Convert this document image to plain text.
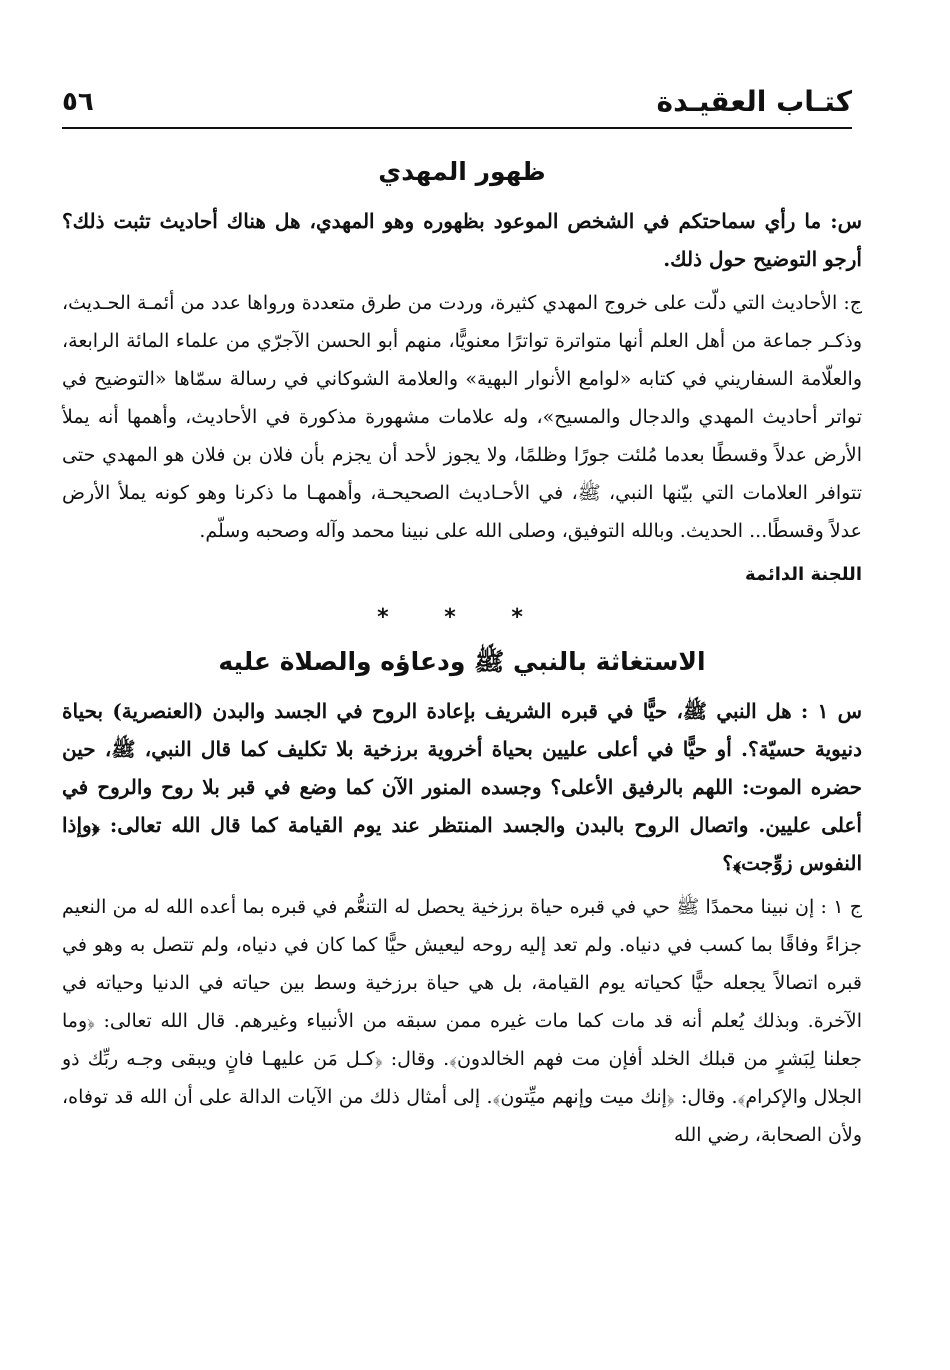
كتـاب العقيـدة
٥٦
ظهور المهدي

س: ما رأي سماحتكم في الشخص الموعود بظهوره وهو المهدي، هل هناك أحاديث تثبت ذلك؟ أرجو التوضيح حول ذلك.

ج: الأحاديث التي دلّت على خروج المهدي كثيرة، وردت من طرق متعددة ورواها عدد من أئمـة الحـديث، وذكـر جماعة من أهل العلم أنها متواترة تواترًا معنويًّا، منهم أبو الحسن الآجرّي من علماء المائة الرابعة، والعلّامة السفاريني في كتابه «لوامع الأنوار البهية» والعلامة الشوكاني في رسالة سمّاها «التوضيح في تواتر أحاديث المهدي والدجال والمسيح»، وله علامات مشهورة مذكورة في الأحاديث، وأهمها أنه يملأ الأرض عدلاً وقسطًا بعدما مُلئت جورًا وظلمًا، ولا يجوز لأحد أن يجزم بأن فلان بن فلان هو المهدي حتى تتوافر العلامات التي بيّنها النبي، ﷺ، في الأحـاديث الصحيحـة، وأهمهـا ما ذكرنا وهو كونه يملأ الأرض عدلاً وقسطًا... الحديث. وبالله التوفيق، وصلى الله على نبينا محمد وآله وصحبه وسلّم.

اللجنة الدائمة

* * *
الاستغاثة بالنبي ﷺ ودعاؤه والصلاة عليه

س ١ : هل النبي ﷺ، حيًّا في قبره الشريف بإعادة الروح في الجسد والبدن (العنصرية) بحياة دنيوية حسيّة؟. أو حيًّا في أعلى عليين بحياة أخروية برزخية بلا تكليف كما قال النبي، ﷺ، حين حضره الموت: اللهم بالرفيق الأعلى؟ وجسده المنور الآن كما وضع في قبر بلا روح والروح في أعلى عليين. واتصال الروح بالبدن والجسد المنتظر عند يوم القيامة كما قال الله تعالى: ﴿وإذا النفوس زوِّجت﴾؟

ج ١ : إن نبينا محمدًا ﷺ حي في قبره حياة برزخية يحصل له التنعُّم في قبره بما أعده الله له من النعيم جزاءً وفاقًا بما كسب في دنياه. ولم تعد إليه روحه ليعيش حيًّا كما كان في دنياه، ولم تتصل به وهو في قبره اتصالاً يجعله حيًّا كحياته يوم القيامة، بل هي حياة برزخية وسط بين حياته في الدنيا وحياته في الآخرة. وبذلك يُعلم أنه قد مات كما مات غيره ممن سبقه من الأنبياء وغيرهم. قال الله تعالى: ﴿وما جعلنا لِبَشرٍ من قبلك الخلد أفإن مت فهم الخالدون﴾. وقال: ﴿كـل مَن عليهـا فانٍ ويبقى وجـه ربِّك ذو الجلال والإكرام﴾. وقال: ﴿إنك ميت وإنهم ميِّتون﴾. إلى أمثال ذلك من الآيات الدالة على أن الله قد توفاه، ولأن الصحابة، رضي الله
